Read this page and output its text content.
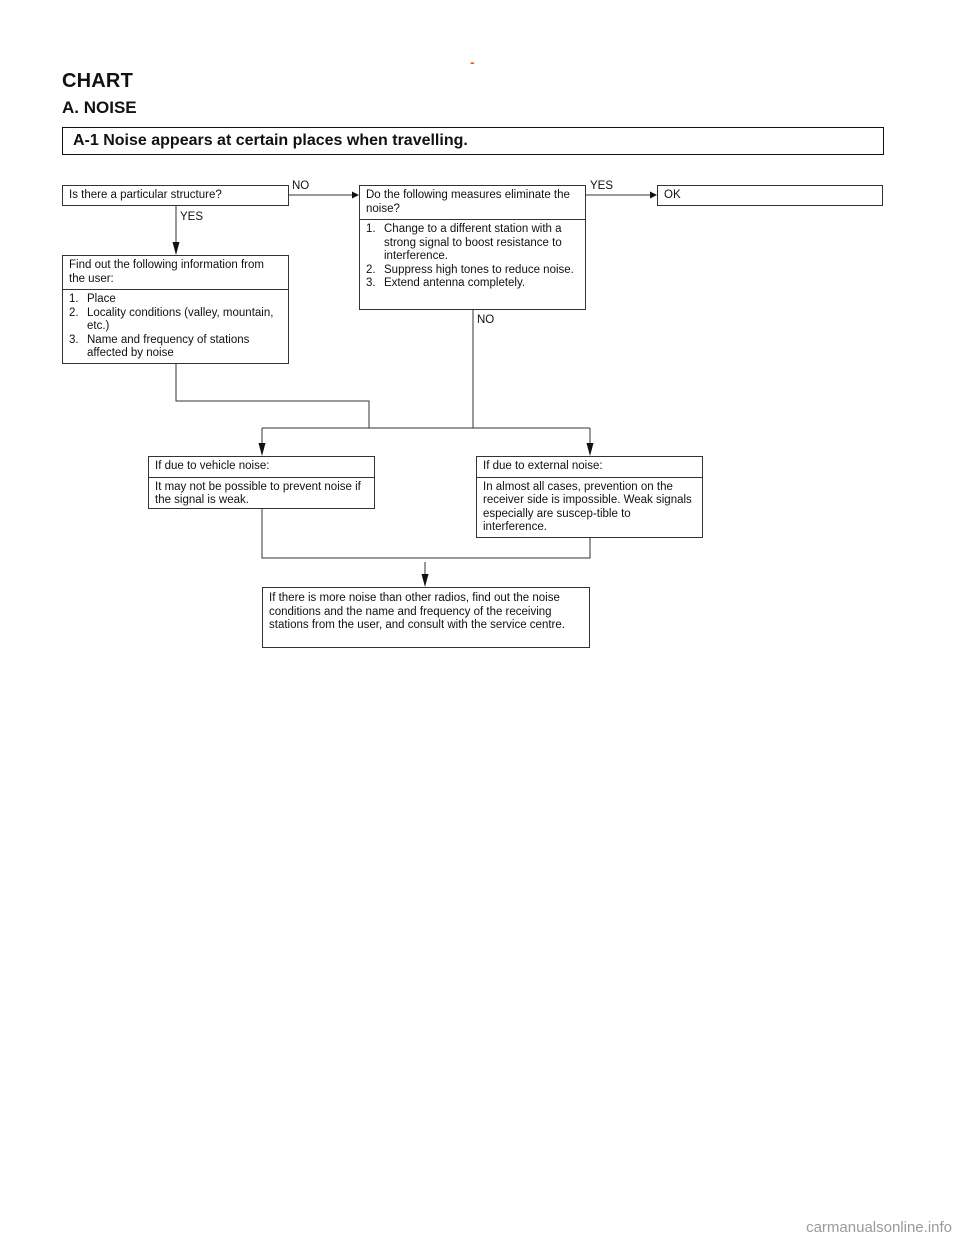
-
CHART
A. NOISE
A-1 Noise appears at certain places when travelling.
NO
YES
YES
NO
Is there a particular structure?	Do the following measures eliminate the noise?
1. Change to a different station with a strong signal to boost resistance to interference.
2. Suppress high tones to reduce noise.
3. Extend antenna completely.
OK
Find out the following information from the user:
1. Place
2. Locality conditions (valley, mountain, etc.)
3. Name and frequency of stations affected by noise
If due to vehicle noise:
It may not be possible to prevent noise if the signal is weak.
If due to external noise:
In almost all cases, prevention on the receiver side is impossible. Weak signals especially are suscep-tible to interference.
If there is more noise than other radios, find out the noise conditions and the name and frequency of the receiving stations from the user, and consult with the service centre.
carmanualsonline.info
